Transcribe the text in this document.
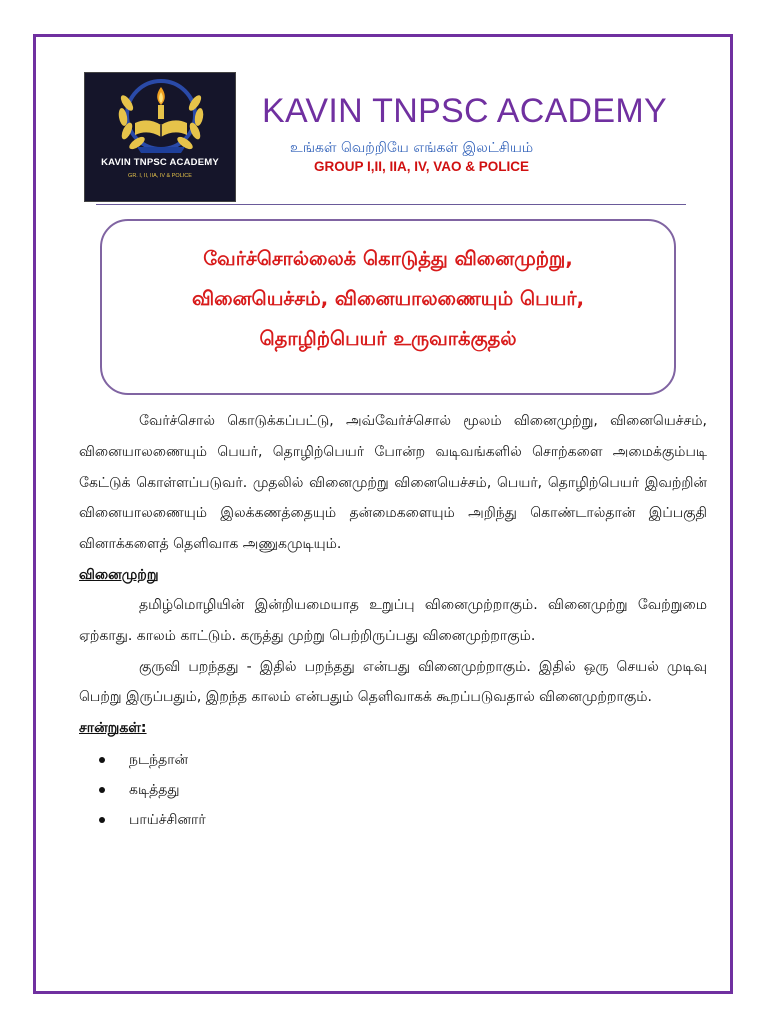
KAVIN TNPSC ACADEMY
GR. I, II, IIA, IV & POLICE
KAVIN TNPSC ACADEMY
உங்கள் வெற்றியே எங்கள் இலட்சியம்
GROUP I,II, IIA, IV, VAO & POLICE
வேர்ச்சொல்லைக் கொடுத்து வினைமுற்று,
வினையெச்சம், வினையாலணையும் பெயர்,
தொழிற்பெயர் உருவாக்குதல்

வேர்ச்சொல் கொடுக்கப்பட்டு, அவ்வேர்ச்சொல் மூலம் வினைமுற்று, வினையெச்சம், வினையாலணையும் பெயர், தொழிற்பெயர் போன்ற வடிவங்களில் சொற்களை அமைக்கும்படி கேட்டுக் கொள்ளப்படுவர். முதலில் வினைமுற்று வினையெச்சம், பெயர், தொழிற்பெயர் இவற்றின் வினையாலணையும் இலக்கணத்தையும் தன்மைகளையும் அறிந்து கொண்டால்தான் இப்பகுதி வினாக்களைத் தெளிவாக அணுகமுடியும்.

வினைமுற்று

தமிழ்மொழியின் இன்றியமையாத உறுப்பு வினைமுற்றாகும். வினைமுற்று வேற்றுமை ஏற்காது. காலம் காட்டும். கருத்து முற்று பெற்றிருப்பது வினைமுற்றாகும்.

குருவி பறந்தது - இதில் பறந்தது என்பது வினைமுற்றாகும். இதில் ஒரு செயல் முடிவு பெற்று இருப்பதும், இறந்த காலம் என்பதும் தெளிவாகக் கூறப்படுவதால் வினைமுற்றாகும்.

சான்றுகள்:

நடந்தான்
கடித்தது
பாய்ச்சினார்
